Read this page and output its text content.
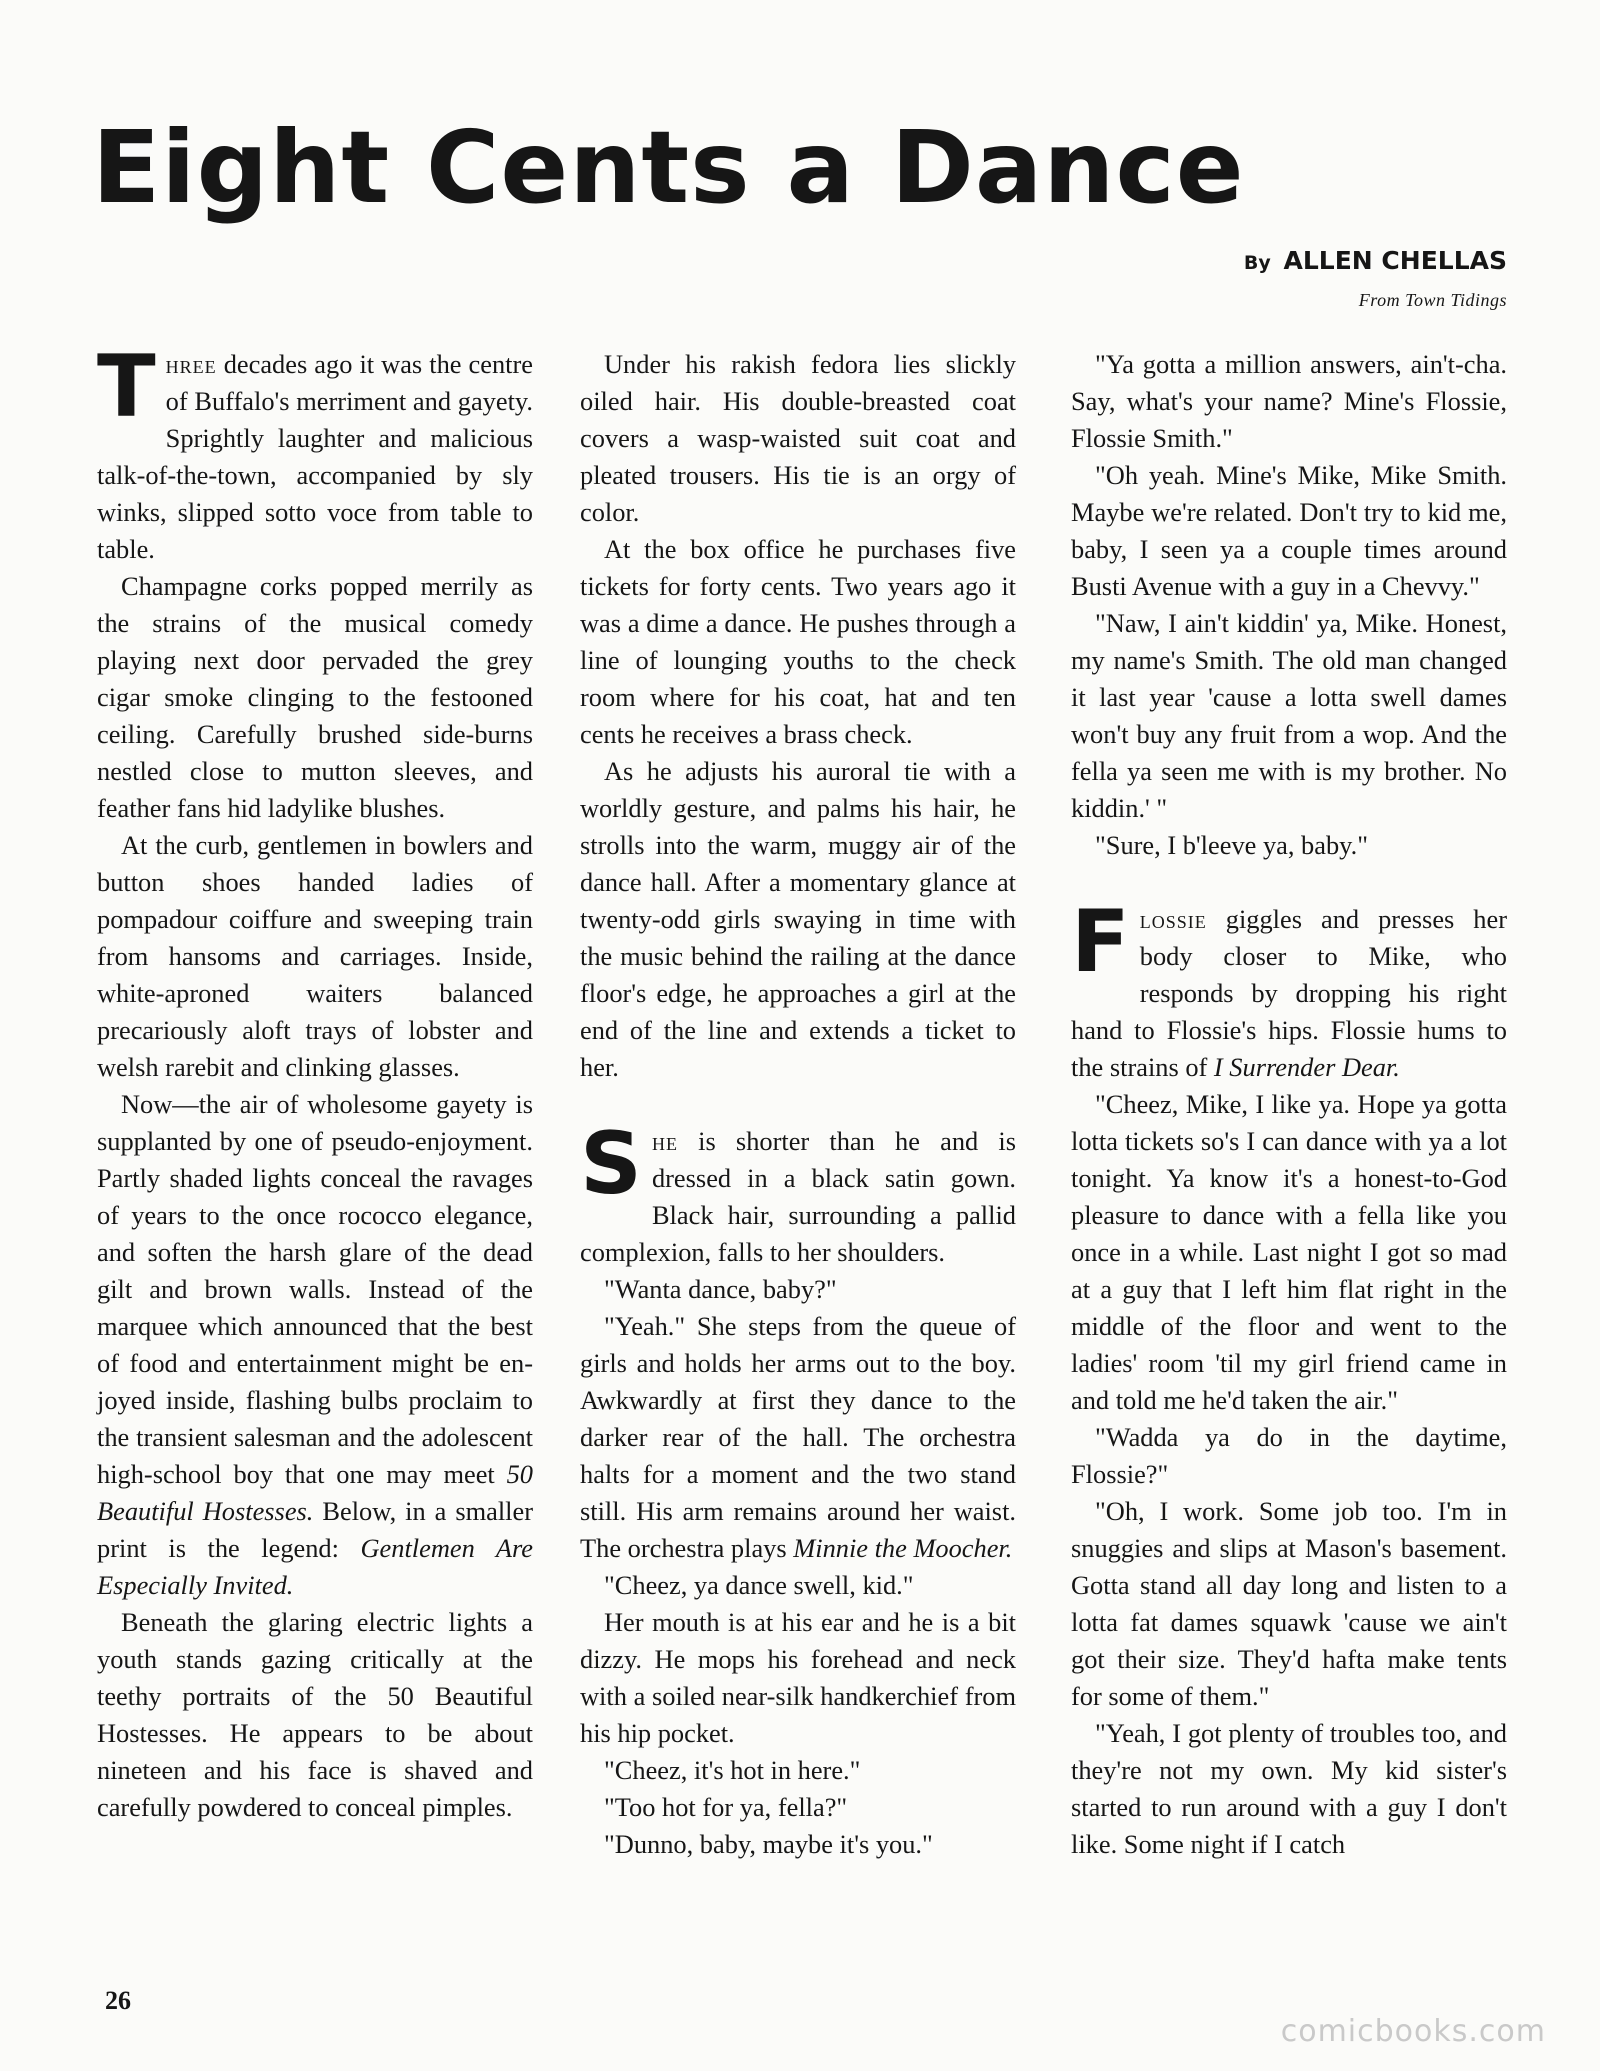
Eight Cents a Dance
By ALLEN CHELLAS
From Town Tidings

Three decades ago it was the centre of Buffalo's merriment and gayety. Sprightly laughter and malicious talk-of-the-town, accompanied by sly winks, slipped sotto voce from table to table.

Champagne corks popped merrily as the strains of the musical comedy playing next door pervaded the grey cigar smoke clinging to the festooned ceiling. Carefully brushed side-burns nestled close to mutton sleeves, and feather fans hid ladylike blushes.

At the curb, gentlemen in bowlers and button shoes handed ladies of pompadour coiffure and sweeping train from hansoms and carriages. Inside, white-aproned waiters balanced precariously aloft trays of lobster and welsh rarebit and clinking glasses.

Now—the air of wholesome gayety is supplanted by one of pseudo-enjoyment. Partly shaded lights conceal the ravages of years to the once rococco elegance, and soften the harsh glare of the dead gilt and brown walls. Instead of the marquee which announced that the best of food and entertainment might be enjoyed inside, flashing bulbs proclaim to the transient salesman and the adolescent high-school boy that one may meet 50 Beautiful Hostesses. Below, in a smaller print is the legend: Gentlemen Are Especially Invited.

Beneath the glaring electric lights a youth stands gazing critically at the teethy portraits of the 50 Beautiful Hostesses. He appears to be about nineteen and his face is shaved and carefully powdered to conceal pimples.

Under his rakish fedora lies slickly oiled hair. His double-breasted coat covers a wasp-waisted suit coat and pleated trousers. His tie is an orgy of color.

At the box office he purchases five tickets for forty cents. Two years ago it was a dime a dance. He pushes through a line of lounging youths to the check room where for his coat, hat and ten cents he receives a brass check.

As he adjusts his auroral tie with a worldly gesture, and palms his hair, he strolls into the warm, muggy air of the dance hall. After a momentary glance at twenty-odd girls swaying in time with the music behind the railing at the dance floor's edge, he approaches a girl at the end of the line and extends a ticket to her.

She is shorter than he and is dressed in a black satin gown. Black hair, surrounding a pallid complexion, falls to her shoulders.

"Wanta dance, baby?"

"Yeah." She steps from the queue of girls and holds her arms out to the boy. Awkwardly at first they dance to the darker rear of the hall. The orchestra halts for a moment and the two stand still. His arm remains around her waist. The orchestra plays Minnie the Moocher.

"Cheez, ya dance swell, kid."

Her mouth is at his ear and he is a bit dizzy. He mops his forehead and neck with a soiled near-silk handkerchief from his hip pocket.

"Cheez, it's hot in here."

"Too hot for ya, fella?"

"Dunno, baby, maybe it's you."

"Ya gotta a million answers, ain't-cha. Say, what's your name? Mine's Flossie, Flossie Smith."

"Oh yeah. Mine's Mike, Mike Smith. Maybe we're related. Don't try to kid me, baby, I seen ya a couple times around Busti Avenue with a guy in a Chevvy."

"Naw, I ain't kiddin' ya, Mike. Honest, my name's Smith. The old man changed it last year 'cause a lotta swell dames won't buy any fruit from a wop. And the fella ya seen me with is my brother. No kiddin.' "

"Sure, I b'leeve ya, baby."

Flossie giggles and presses her body closer to Mike, who responds by dropping his right hand to Flossie's hips. Flossie hums to the strains of I Surrender Dear.

"Cheez, Mike, I like ya. Hope ya gotta lotta tickets so's I can dance with ya a lot tonight. Ya know it's a honest-to-God pleasure to dance with a fella like you once in a while. Last night I got so mad at a guy that I left him flat right in the middle of the floor and went to the ladies' room 'til my girl friend came in and told me he'd taken the air."

"Wadda ya do in the daytime, Flossie?"

"Oh, I work. Some job too. I'm in snuggies and slips at Mason's basement. Gotta stand all day long and listen to a lotta fat dames squawk 'cause we ain't got their size. They'd hafta make tents for some of them."

"Yeah, I got plenty of troubles too, and they're not my own. My kid sister's started to run around with a guy I don't like. Some night if I catch

26
comicbooks.com
